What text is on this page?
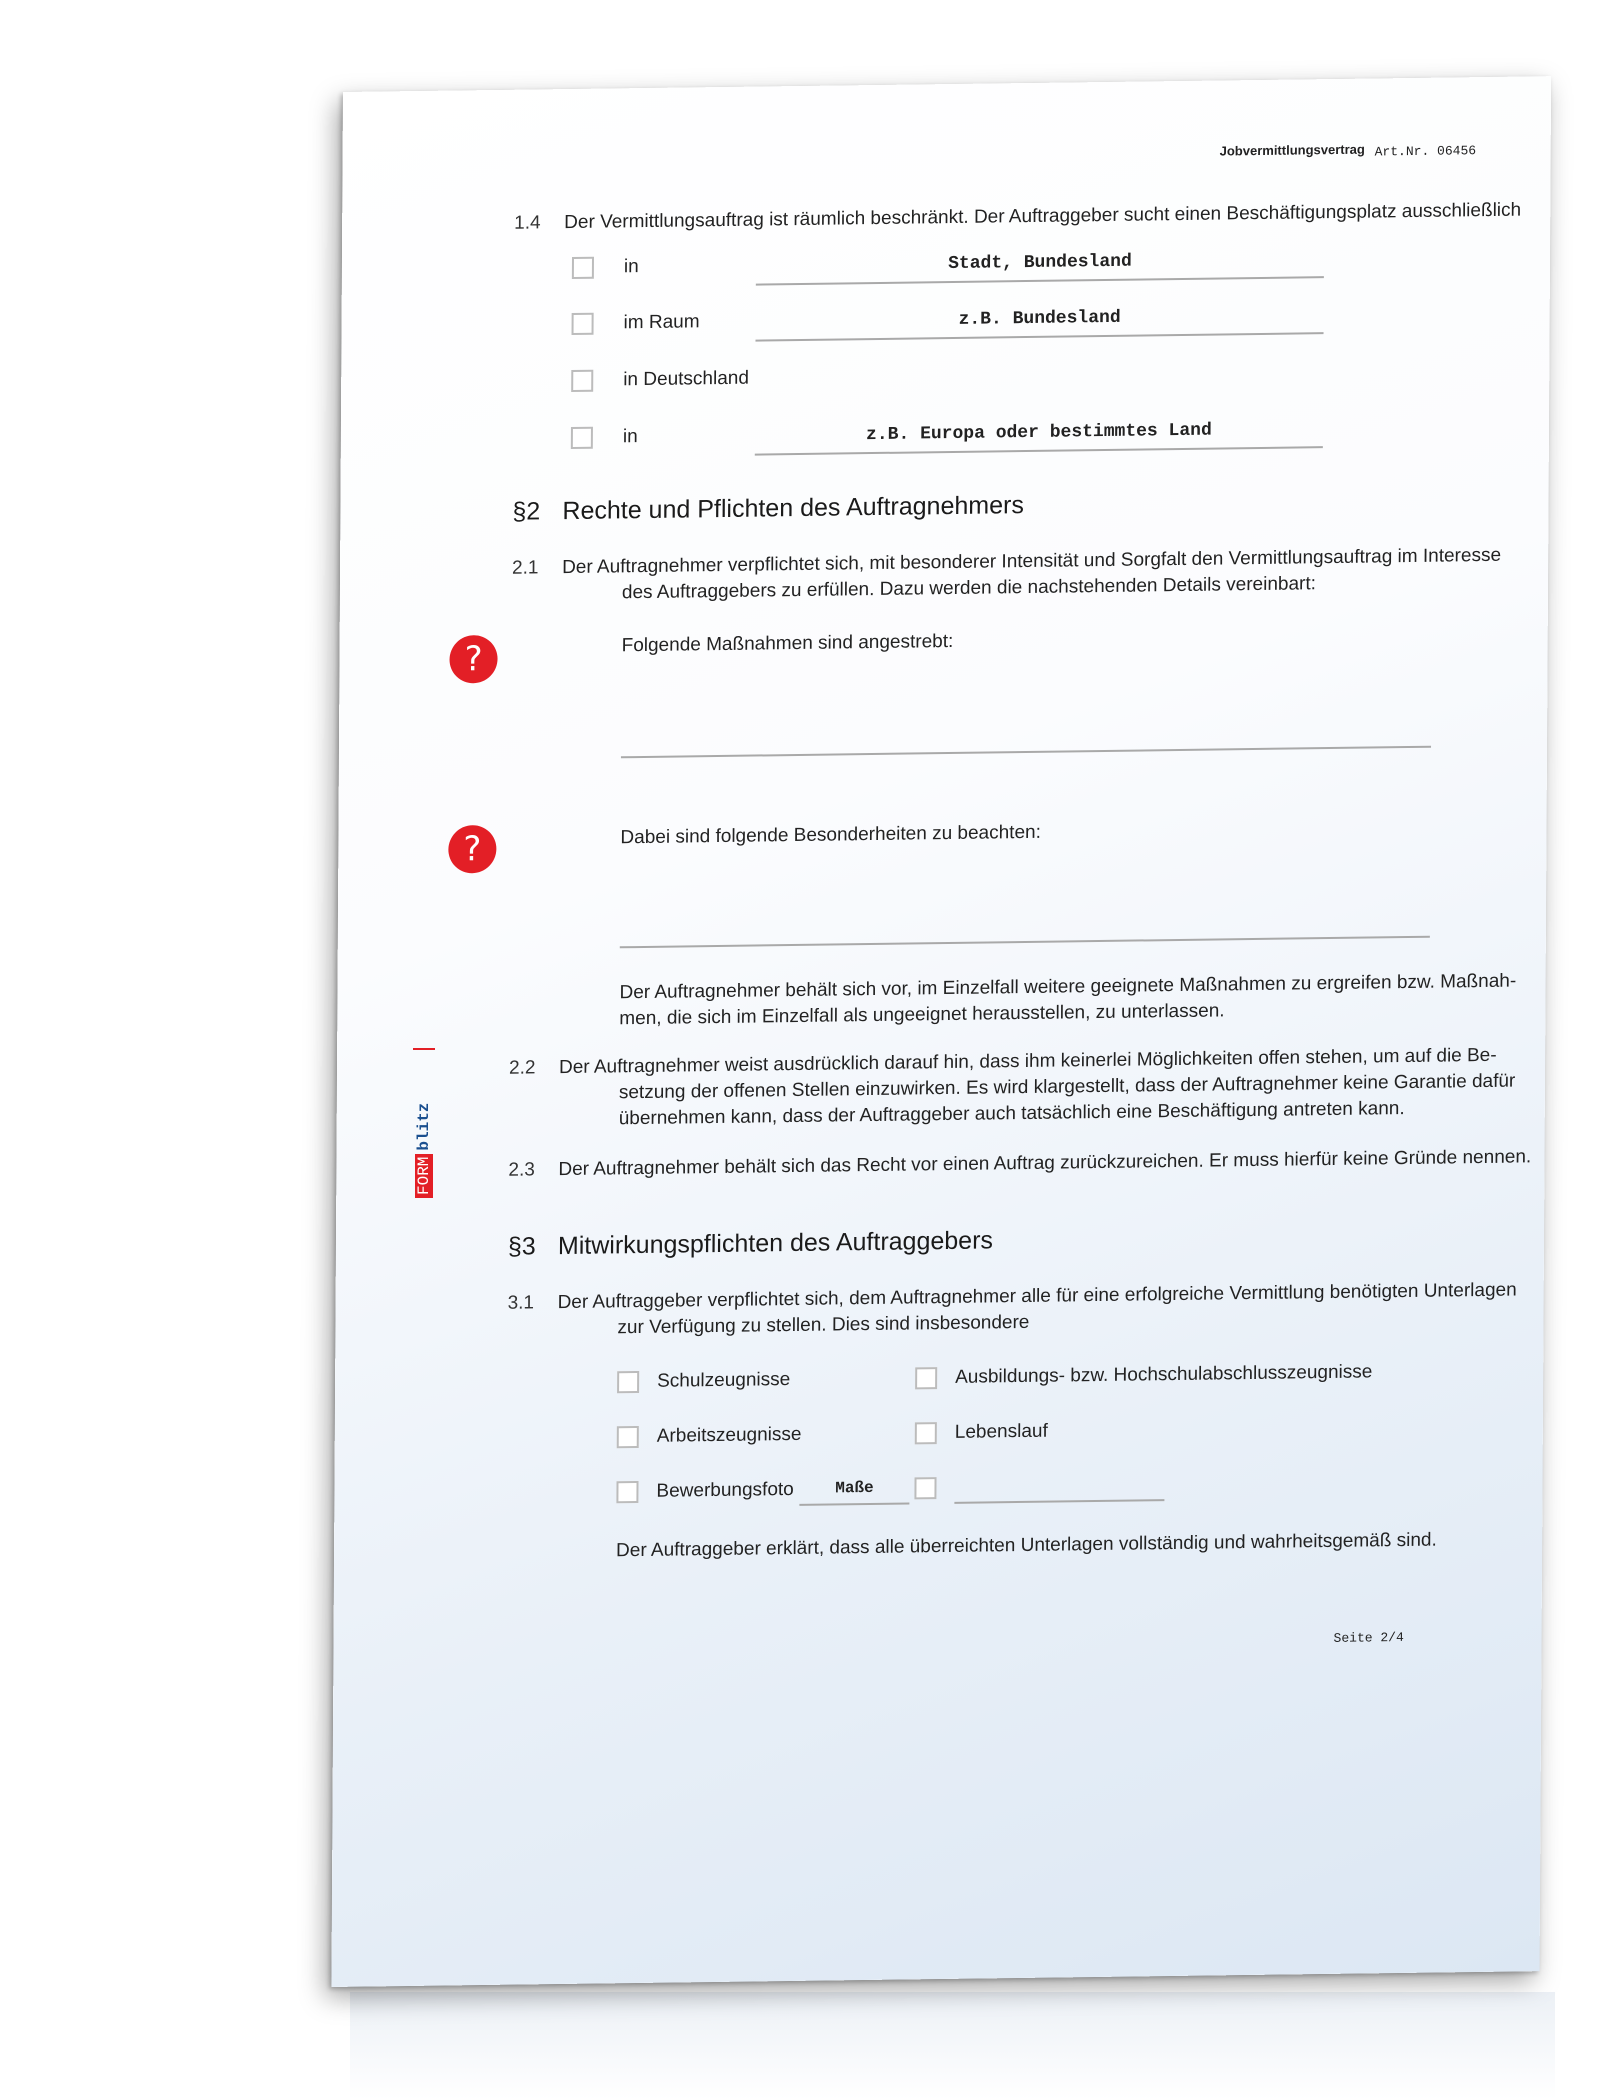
Jobvermittlungsvertrag Art.Nr. 06456
1.4 Der Vermittlungsauftrag ist räumlich beschränkt. Der Auftraggeber sucht einen Beschäftigungsplatz ausschließlich
in	Stadt, Bundesland
im Raum	z.B. Bundesland
in Deutschland
in	z.B. Europa oder bestimmtes Land
§2 Rechte und Pflichten des Auftragnehmers
2.1 Der Auftragnehmer verpflichtet sich, mit besonderer Intensität und Sorgfalt den Vermittlungsauftrag im Interesse
des Auftraggebers zu erfüllen. Dazu werden die nachstehenden Details vereinbart:
?	Folgende Maßnahmen sind angestrebt:
?	Dabei sind folgende Besonderheiten zu beachten:
Der Auftragnehmer behält sich vor, im Einzelfall weitere geeignete Maßnahmen zu ergreifen bzw. Maßnah-
men, die sich im Einzelfall als ungeeignet herausstellen, zu unterlassen.
2.2 Der Auftragnehmer weist ausdrücklich darauf hin, dass ihm keinerlei Möglichkeiten offen stehen, um auf die Be-
setzung der offenen Stellen einzuwirken. Es wird klargestellt, dass der Auftragnehmer keine Garantie dafür
übernehmen kann, dass der Auftraggeber auch tatsächlich eine Beschäftigung antreten kann.
2.3 Der Auftragnehmer behält sich das Recht vor einen Auftrag zurückzureichen. Er muss hierfür keine Gründe nennen.
§3 Mitwirkungspflichten des Auftraggebers
3.1 Der Auftraggeber verpflichtet sich, dem Auftragnehmer alle für eine erfolgreiche Vermittlung benötigten Unterlagen
zur Verfügung zu stellen. Dies sind insbesondere
Schulzeugnisse	Ausbildungs- bzw. Hochschulabschlusszeugnisse
Arbeitszeugnisse	Lebenslauf
Bewerbungsfoto	Maße
Der Auftraggeber erklärt, dass alle überreichten Unterlagen vollständig und wahrheitsgemäß sind.
Seite 2/4
FORMblitz
